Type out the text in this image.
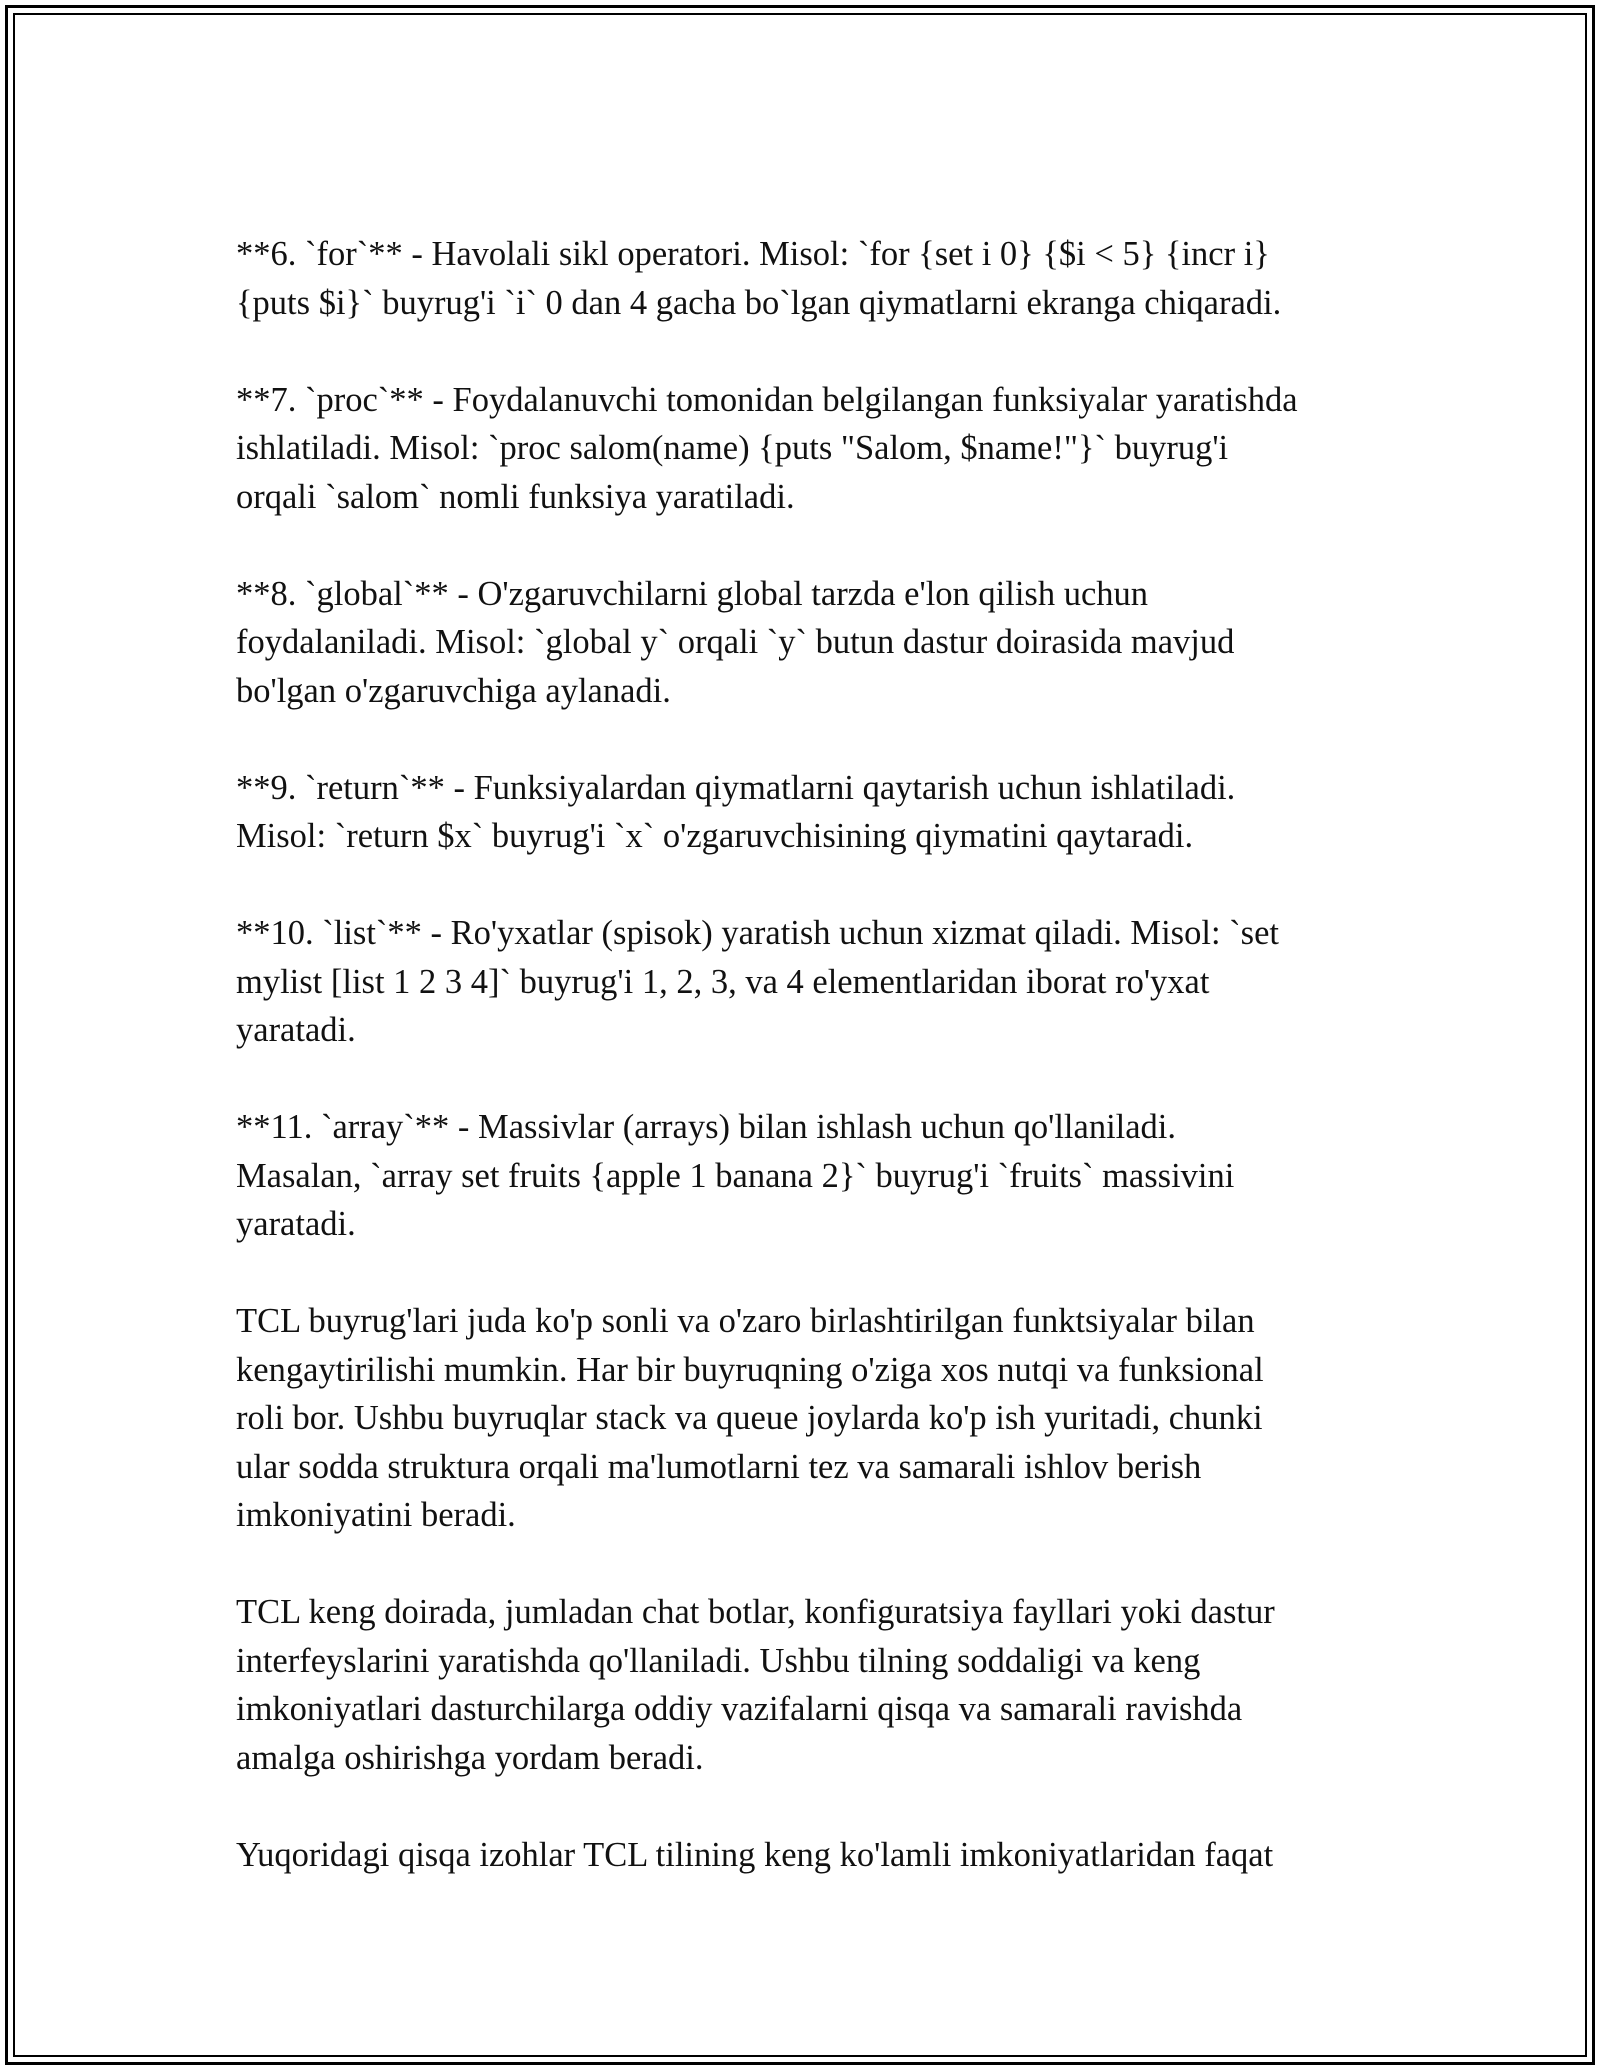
**6. `for`** - Havolali sikl operatori. Misol: `for {set i 0} {$i < 5} {incr i}
{puts $i}` buyrug'i `i` 0 dan 4 gacha bo`lgan qiymatlarni ekranga chiqaradi.

**7. `proc`** - Foydalanuvchi tomonidan belgilangan funksiyalar yaratishda
ishlatiladi. Misol: `proc salom(name) {puts "Salom, $name!"}` buyrug'i
orqali `salom` nomli funksiya yaratiladi.

**8. `global`** - O'zgaruvchilarni global tarzda e'lon qilish uchun
foydalaniladi. Misol: `global y` orqali `y` butun dastur doirasida mavjud
bo'lgan o'zgaruvchiga aylanadi.

**9. `return`** - Funksiyalardan qiymatlarni qaytarish uchun ishlatiladi.
Misol: `return $x` buyrug'i `x` o'zgaruvchisining qiymatini qaytaradi.

**10. `list`** - Ro'yxatlar (spisok) yaratish uchun xizmat qiladi. Misol: `set
mylist [list 1 2 3 4]` buyrug'i 1, 2, 3, va 4 elementlaridan iborat ro'yxat
yaratadi.

**11. `array`** - Massivlar (arrays) bilan ishlash uchun qo'llaniladi.
Masalan, `array set fruits {apple 1 banana 2}` buyrug'i `fruits` massivini
yaratadi.

TCL buyrug'lari juda ko'p sonli va o'zaro birlashtirilgan funktsiyalar bilan
kengaytirilishi mumkin. Har bir buyruqning o'ziga xos nutqi va funksional
roli bor. Ushbu buyruqlar stack va queue joylarda ko'p ish yuritadi, chunki
ular sodda struktura orqali ma'lumotlarni tez va samarali ishlov berish
imkoniyatini beradi.

TCL keng doirada, jumladan chat botlar, konfiguratsiya fayllari yoki dastur
interfeyslarini yaratishda qo'llaniladi. Ushbu tilning soddaligi va keng
imkoniyatlari dasturchilarga oddiy vazifalarni qisqa va samarali ravishda
amalga oshirishga yordam beradi.

Yuqoridagi qisqa izohlar TCL tilining keng ko'lamli imkoniyatlaridan faqat
